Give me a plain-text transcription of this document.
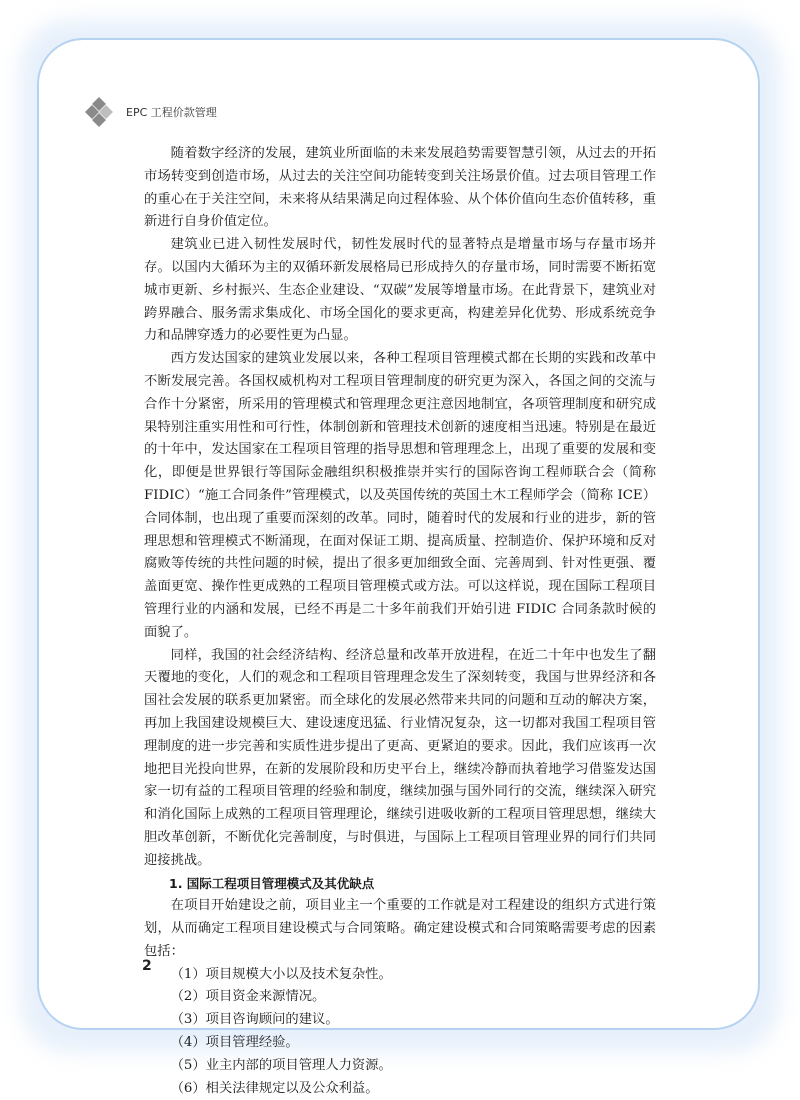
EPC 工程价款管理

随着数字经济的发展，建筑业所面临的未来发展趋势需要智慧引领，从过去的开拓市场转变到创造市场，从过去的关注空间功能转变到关注场景价值。过去项目管理工作的重心在于关注空间，未来将从结果满足向过程体验、从个体价值向生态价值转移，重新进行自身价值定位。

建筑业已进入韧性发展时代，韧性发展时代的显著特点是增量市场与存量市场并存。以国内大循环为主的双循环新发展格局已形成持久的存量市场，同时需要不断拓宽城市更新、乡村振兴、生态企业建设、“双碳”发展等增量市场。在此背景下，建筑业对跨界融合、服务需求集成化、市场全国化的要求更高，构建差异化优势、形成系统竞争力和品牌穿透力的必要性更为凸显。

西方发达国家的建筑业发展以来，各种工程项目管理模式都在长期的实践和改革中不断发展完善。各国权威机构对工程项目管理制度的研究更为深入，各国之间的交流与合作十分紧密，所采用的管理模式和管理理念更注意因地制宜，各项管理制度和研究成果特别注重实用性和可行性，体制创新和管理技术创新的速度相当迅速。特别是在最近的十年中，发达国家在工程项目管理的指导思想和管理理念上，出现了重要的发展和变化，即便是世界银行等国际金融组织积极推崇并实行的国际咨询工程师联合会（简称 FIDIC）“施工合同条件”管理模式，以及英国传统的英国土木工程师学会（简称 ICE）合同体制，也出现了重要而深刻的改革。同时，随着时代的发展和行业的进步，新的管理思想和管理模式不断涌现，在面对保证工期、提高质量、控制造价、保护环境和反对腐败等传统的共性问题的时候，提出了很多更加细致全面、完善周到、针对性更强、覆盖面更宽、操作性更成熟的工程项目管理模式或方法。可以这样说，现在国际工程项目管理行业的内涵和发展，已经不再是二十多年前我们开始引进 FIDIC 合同条款时候的面貌了。

同样，我国的社会经济结构、经济总量和改革开放进程，在近二十年中也发生了翻天覆地的变化，人们的观念和工程项目管理理念发生了深刻转变，我国与世界经济和各国社会发展的联系更加紧密。而全球化的发展必然带来共同的问题和互动的解决方案，再加上我国建设规模巨大、建设速度迅猛、行业情况复杂，这一切都对我国工程项目管理制度的进一步完善和实质性进步提出了更高、更紧迫的要求。因此，我们应该再一次地把目光投向世界，在新的发展阶段和历史平台上，继续冷静而执着地学习借鉴发达国家一切有益的工程项目管理的经验和制度，继续加强与国外同行的交流，继续深入研究和消化国际上成熟的工程项目管理理论，继续引进吸收新的工程项目管理思想，继续大胆改革创新，不断优化完善制度，与时俱进，与国际上工程项目管理业界的同行们共同迎接挑战。

1. 国际工程项目管理模式及其优缺点

在项目开始建设之前，项目业主一个重要的工作就是对工程建设的组织方式进行策划，从而确定工程项目建设模式与合同策略。确定建设模式和合同策略需要考虑的因素包括：

（1）项目规模大小以及技术复杂性。

（2）项目资金来源情况。

（3）项目咨询顾问的建议。

（4）项目管理经验。

（5）业主内部的项目管理人力资源。

（6）相关法律规定以及公众利益。

2
